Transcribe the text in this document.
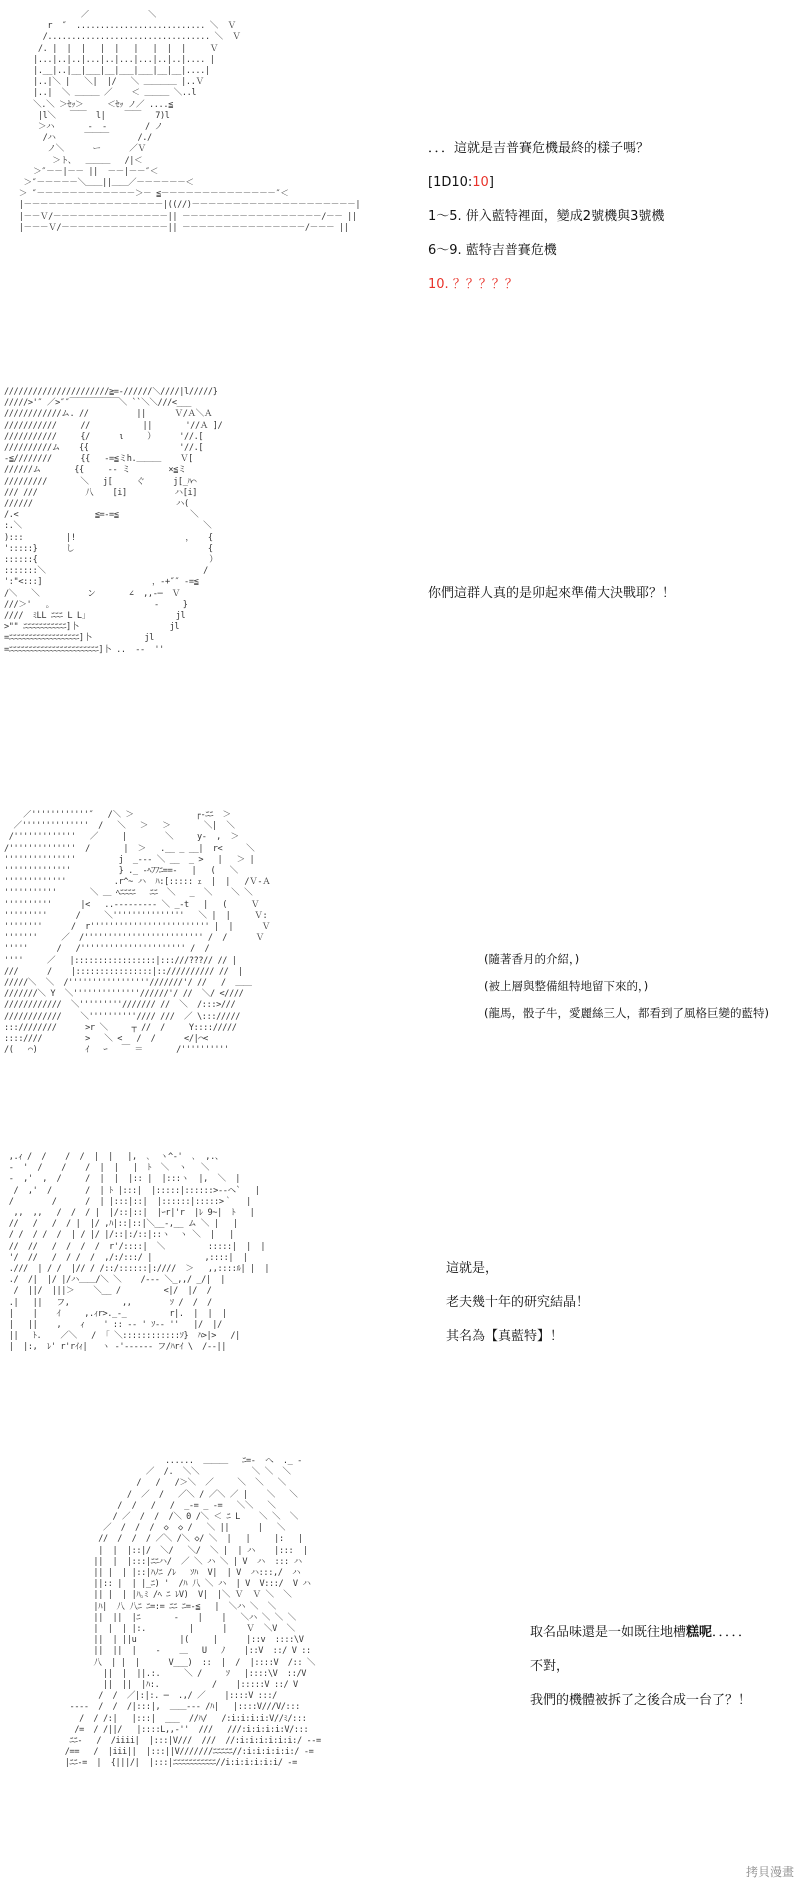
／ ￣￣￣￣￣￣ ＼
r  ″  ........................... ＼  Ｖ
/.................................. ＼  Ｖ
/. |  |  |   |  |   |   |  |  |     Ｖ
|...|..|..|...|..|...|...|..|..|.... |
|.__|..|__|___|__|___|___|__|__|....|
|..|＼ |   ＼|  |/   ＼ ＿＿＿＿ |..Ｖ
|..|  ＼ ＿＿＿ ／    ＜ ＿＿＿ ＼..l
＼.＼ ＞ｾｯ＞     ＜ｾｯ ノ／ ....≦
|l＼   ￣￣  l|    ￣￣   7)l
＞ハ       -  -        / ノ
/ハ      ￣￣￣      /./
ノ＼      ー      ／Ｖ
＞ト、  ＿＿＿   /|＜
＞″－－|－－ ||  －－|－－″＜
＞″－－－－－＼＿＿||＿＿／－－－－－－＜
＞ ″－－－－－－－－－－－－＞－ ≦－－－－－－－－－－－－－－″＜
|－－－－－－－－－－－－－－－－－|((//)－－－－－－－－－－－－－－－－－－－－|
|－－Ｖ/－－－－－－－－－－－－－－|| －－－－－－－－－－－－－－－－－/－－ ||
|－－－Ｖ/－－－－－－－－－－－－－|| －－－－－－－－－－－－－－－/－－－ ||
．．．這就是吉普賽危機最終的樣子嗎？
[1D10:10]
1～5. 併入藍特裡面，變成2號機與3號機
6～9. 藍特吉普賽危機
10. ？？？？？
//////////////////////≧=-//////＼////|l/////}
/////>'″ ／>″″￣￣￣￣￣￣＼ ``＼＼///<___
////////////ム. //          ||      Ｖ/Ａ＼Ａ
///////////     //           ||       '//Ａ ]/
///////////     {/      ι     ）     '//.[
//////////ム    {{                   '//.[
-≦////////      {{   -=≦ミh.＿＿＿    Ｖ[
//////ム       {{     -- ミ        ×≦ミ
/////////       ＼   j[     ぐ      j[_ﾊ⌒
/// ///          八    [i]          ハ[i]
//////                              ハ(
/.<                ≦=-=≦               ＼
:.＼                                      ＼
):::         |!                       ，   {
':::::}      し                            {
::::::{                                    ）
:::::::＼                                 /
':"<:::]                       ，-+″″ -=≦
/＼   ＼          ン       ∠  ,,-─  Ｖ
///＞'   。                     -     }
////  ﾐLL ﾆﾆﾆ L L」                  jl
>"" ﾆﾆﾆﾆﾆﾆﾆﾆﾆﾆﾆ]卜                   jl
=ﾆﾆﾆﾆﾆﾆﾆﾆﾆﾆﾆﾆﾆﾆﾆﾆﾆﾆ]卜           jl
=ﾆﾆﾆﾆﾆﾆﾆﾆﾆﾆﾆﾆﾆﾆﾆﾆﾆﾆﾆﾆﾆﾆﾆ]卜 ..  --  ''
你們這群人真的是卯起來準備大決戰耶？！
／''''''''''''″   /＼ ＞             ┌-ﾆﾆ  ＞
／''''''''''''''  /   ＼   ＞   ＞       ＼|  ＼
/'''''''''''''   ／     |        ＼     y-  ,  ＞
/''''''''''''''  /       |  ＞   .__ _ __|  r<     ＼
'''''''''''''''         j  _--- ＼ __  _ >   |   ＞ |
''''''''''''''          } ._ -ﾍﾌﾌﾆ==-   |   (   ＼
'''''''''''''          .r^~ ハ  ﾊ:[::::: ｪ  |  |   /Ｖ-Ａ
'''''''''''       ＼ ＿ ﾍﾆﾆﾆﾆ   ﾆﾆ  ＼   _  ＼    ＼ ＼
''''''''''      |<   ..--------- ＼ _-t   |   (     Ｖ
'''''''''      /     ＼'''''''''''''''   ＼ |  |     Ｖ:
''''''''      /  r''''''''''''''''''''''''' |  |      Ｖ
'''''''     ／  /''''''''''''''''''''''''' /  /      Ｖ
'''''      /   /'''''''''''''''''''''' /  /
''''     ／   |:::::::::::::::::|:::///???// // |
///      /    |::::::::::::::::|::////////// //  |
/////＼  ＼  /'''''''''''''''''///////'/ //   /  ＿＿
///////＼ Y  ＼''''''''''''''//////'/ //  ＼/ <////
////////////  ＼'''''''''/////// //  ＼  /:::>///
////////////    ＼''''''''''//// ///  ／ \::://///
:::////////      >r ＼     ┬ //  /     Y:::://///
::::////         >   ＼ <   /  /      </|⌒<
/(   ⌒)          ｲ   ｰ   ￣ ＝       /''''''''''
(隨著香月的介紹，)
(被上層與整備組特地留下來的，)
(龍馬，骰子牛，愛麗絲三人，都看到了風格巨變的藍特)
,.ｨ /  /    /  /  |  |   |,  ､  ヽ^-'  ､  ,.、
-  '  /    /    /  |  |   |  ﾄ  ＼  ヽ   ＼
-  ,'  ,  /     /  |  |  |:: |  |:::ヽ  |,  ＼  |
/  ,'  /       /  | ﾄ |:::|  |:::::|::::::>--ヘ`   |
/        /      /  | |:::|::|  |::::::|:::::>｀   |
,,  ,,   /  /  / |  |/::|::|  |ｰr|'r  |ﾚ 9~|  ﾄ   |
//   /   /  / |  |/ ,ﾊ|::|::|＼__-,__ ム ＼ |   |
/ /  / /  /  | / |/ |/::|:/::|::ヽ  ヽ ＼  |   |
//  //   /  /  /  /  r'/::::|  ＼         :::::|  |  |
'/  //   /  / /  /  ,/:/:::/ |           ,::::|  |
.///  | / /  |// / /::/::::::|:////  ＞   ,,::::ﾙ| |  |
./  /|  |/ |/ハ＿＿/＼ ＼    /--- ＼_,,/ _/|  |
/  ||/  |||＞    ＼__ /         <|/  |/  /
.|   ||   フ,           ,,        ｿ /  /  /
|    |    ｲ     ,.ｨr>._-_         r|.  |  |  |
|   ||    ,    ｨ    ' :: -- ' ｿ-- ''   |/  |/
||   ﾄ.    ／＼   /  ｢ ＼::::::::::::ｿ}  ﾊ>|>   /|
|  |:,  ﾚ' r'rｲｨ|   ヽ -'------ フ/ﾊrｲ \  /--||
這就是，
老夫幾十年的研究結晶！
其名為【真藍特】！
......  ＿＿＿   ﾆ=-  へ  ._ -
／  /.  ＼＼           ＼ ＼  ＼
/   /   /＞＼  ／     ＼  ＼   ＼
/  ／  /   ／＼ / ／＼ ／ |    ＼   ＼
/  /   /   /  _-= _ -=   ＼＼   ＼
/ ／  /  /  /＼ 0 /＼ ＜ ﾆ L    ＼ ＼  ＼
／  /  /  /  ◇  ◇ /   ＼ ||      |   ＼
//  /  /  / ／＼ /＼ ◇/ ＼  |   |     |:   |
|  |  |::|/  ＼/   ＼/  ＼ |  | ハ    |:::  |
||  |  |:::|ﾆﾆハ/  ／ ＼ ハ ＼ | V  ハ  ::: ハ
|| |  | |::|ﾊﾉﾆ /ﾚ   ｿﾊ  V|  | V  ハ:::,/  ハ
||:: |  | |_ﾆ) '  /ﾊ 八 ＼ ハ  | V  V:::/  V ハ
|| |  | |ﾊ｡ﾐ /ﾍ ﾆ ﾚV)  V|  |＼ Ｖ  Ｖ ＼  ＼
|ﾊ|  八 八ﾆ ﾆ=:= ﾆﾆ ﾆ=-≦   |  ＼ハ ＼  ＼
||  ||  |ﾆ       -    |    |   ＼ハ ＼ ＼ ＼
|  |  | |:.         |      |    Ｖ  ＼V  ＼
||  | ||u         |(     |      |::v  ::::\V
||  ||  |    -    ＿   U   ﾉ    |::V  ::/ V ::
八  | |  |      V___)  ::  |  /  |::::V  /:: ＼
||  |  ||.:.     ＼ /     ｿ   |::::\V  ::/V
||  ||  |ﾊ:.           /    |:::::V ::/ V
/  /  ／|:|:. ─  .,/ ／    |::::V :::/
----  /  /  /|:::|,  ＿＿--- /ﾊ|   |::::V///V/:::
/  / /:|   |:::|  ___  //ﾊ/   /:i:i:i:i:V//ﾐ/:::
/=  / /||/   |::::L,,-''  ///   ///:i:i:i:i:V/:::
ﾆﾆ-   /  /iiii|  |:::|V///  ///  //:i:i:i:i:i:i:/ --=
/==   /  |iii||  |:::||V///////ﾆﾆﾆﾆﾆ//:i:i:i:i:i:/ -=
|ﾆﾆ-=  |  {|||/|  |:::|ﾆﾆﾆﾆﾆﾆﾆﾆﾆﾆﾆ//i:i:i:i:i:i/ -=
取名品味還是一如既往地槽糕呢．．．．．
不對，
我們的機體被拆了之後合成一台了？！
拷貝漫畫
